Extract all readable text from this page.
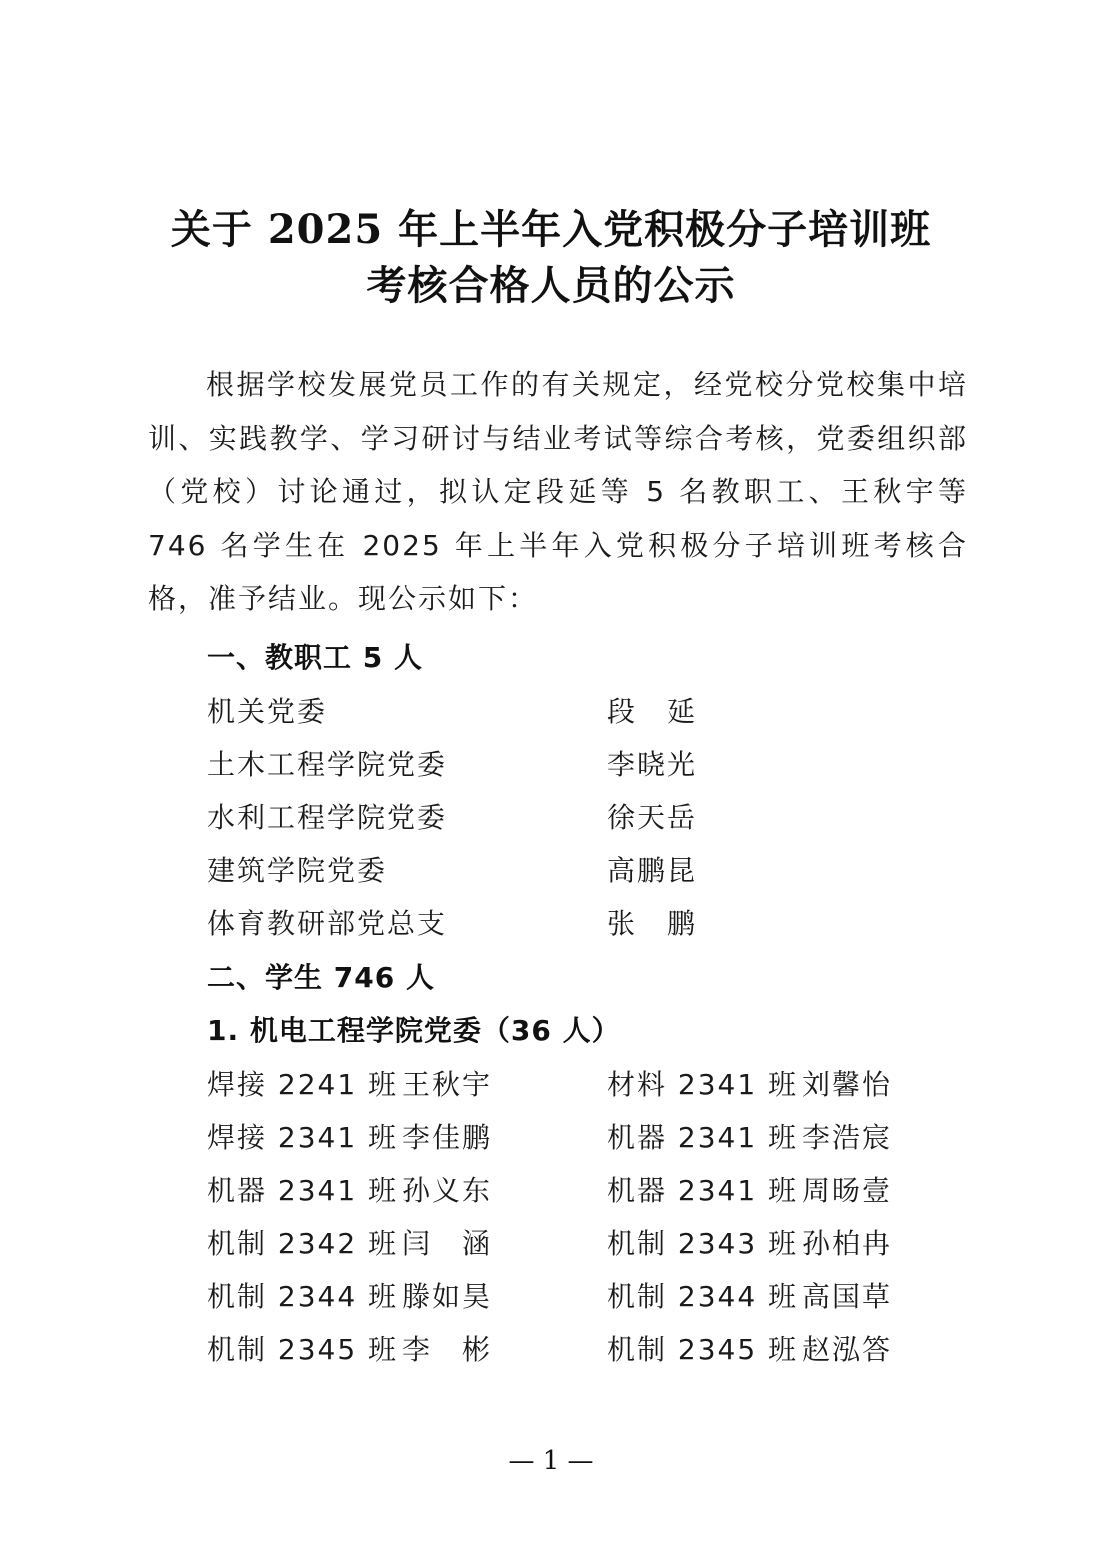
关于 2025 年上半年入党积极分子培训班
考核合格人员的公示

根据学校发展党员工作的有关规定，经党校分党校集中培训、实践教学、学习研讨与结业考试等综合考核，党委组织部（党校）讨论通过，拟认定段延等 5 名教职工、王秋宇等 746 名学生在 2025 年上半年入党积极分子培训班考核合格，准予结业。现公示如下：

一、教职工 5 人
机关党委	段　延
土木工程学院党委	李晓光
水利工程学院党委	徐天岳
建筑学院党委	高鹏昆
体育教研部党总支	张　鹏
二、学生 746 人
1. 机电工程学院党委（36 人）
焊接 2241 班 王秋宇	材料 2341 班 刘馨怡
焊接 2341 班 李佳鹏	机器 2341 班 李浩宸
机器 2341 班 孙义东	机器 2341 班 周旸壹
机制 2342 班 闫　涵	机制 2343 班 孙柏冉
机制 2344 班 滕如昊	机制 2344 班 高国草
机制 2345 班 李　彬	机制 2345 班 赵泓答
— 1 —
